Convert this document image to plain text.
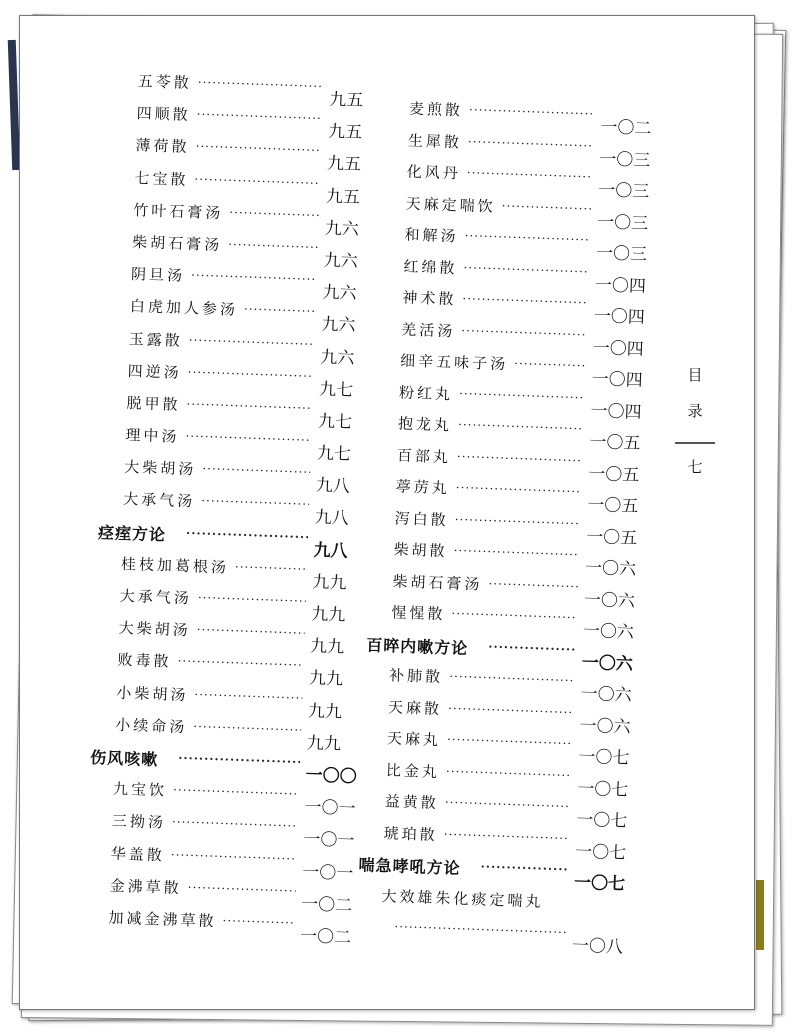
五苓散
·····
九五
四顺散
·····
九五
薄荷散
·····
九五
七宝散
·····
九五
竹叶石膏汤
·····
九六
柴胡石膏汤
·····
九六
阴旦汤
·····
九六
白虎加人参汤
·····
九六
玉露散
·····
九六
四逆汤
·····
九七
脱甲散
·····
九七
理中汤
·····
九七
大柴胡汤
·····
九八
大承气汤
·····
九八
痉痓方论
·····
九八
桂枝加葛根汤
·····
九九
大承气汤
·····
九九
大柴胡汤
·····
九九
败毒散
·····
九九
小柴胡汤
·····
九九
小续命汤
·····
九九
伤风咳嗽
·····
一〇〇
九宝饮
·····
一〇一
三拗汤
·····
一〇一
华盖散
·····
一〇一
金沸草散
·····
一〇二
加减金沸草散
·····
一〇二
麦煎散
·····
一〇二
生犀散
·····
一〇三
化风丹
·····
一〇三
天麻定喘饮
·····
一〇三
和解汤
·····
一〇三
红绵散
·····
一〇四
神术散
·····
一〇四
羌活汤
·····
一〇四
细辛五味子汤
·····
一〇四
粉红丸
·····
一〇四
抱龙丸
·····
一〇五
百部丸
·····
一〇五
葶苈丸
·····
一〇五
泻白散
·····
一〇五
柴胡散
·····
一〇六
柴胡石膏汤
·····
一〇六
惺惺散
·····
一〇六
百晬内嗽方论
·····
一〇六
补肺散
·····
一〇六
天麻散
·····
一〇六
天麻丸
·····
一〇七
比金丸
·····
一〇七
益黄散
·····
一〇七
琥珀散
·····
一〇七
喘急哮吼方论
·····
一〇七
大效雄朱化痰定喘丸
·····
一〇八
目
录
七
